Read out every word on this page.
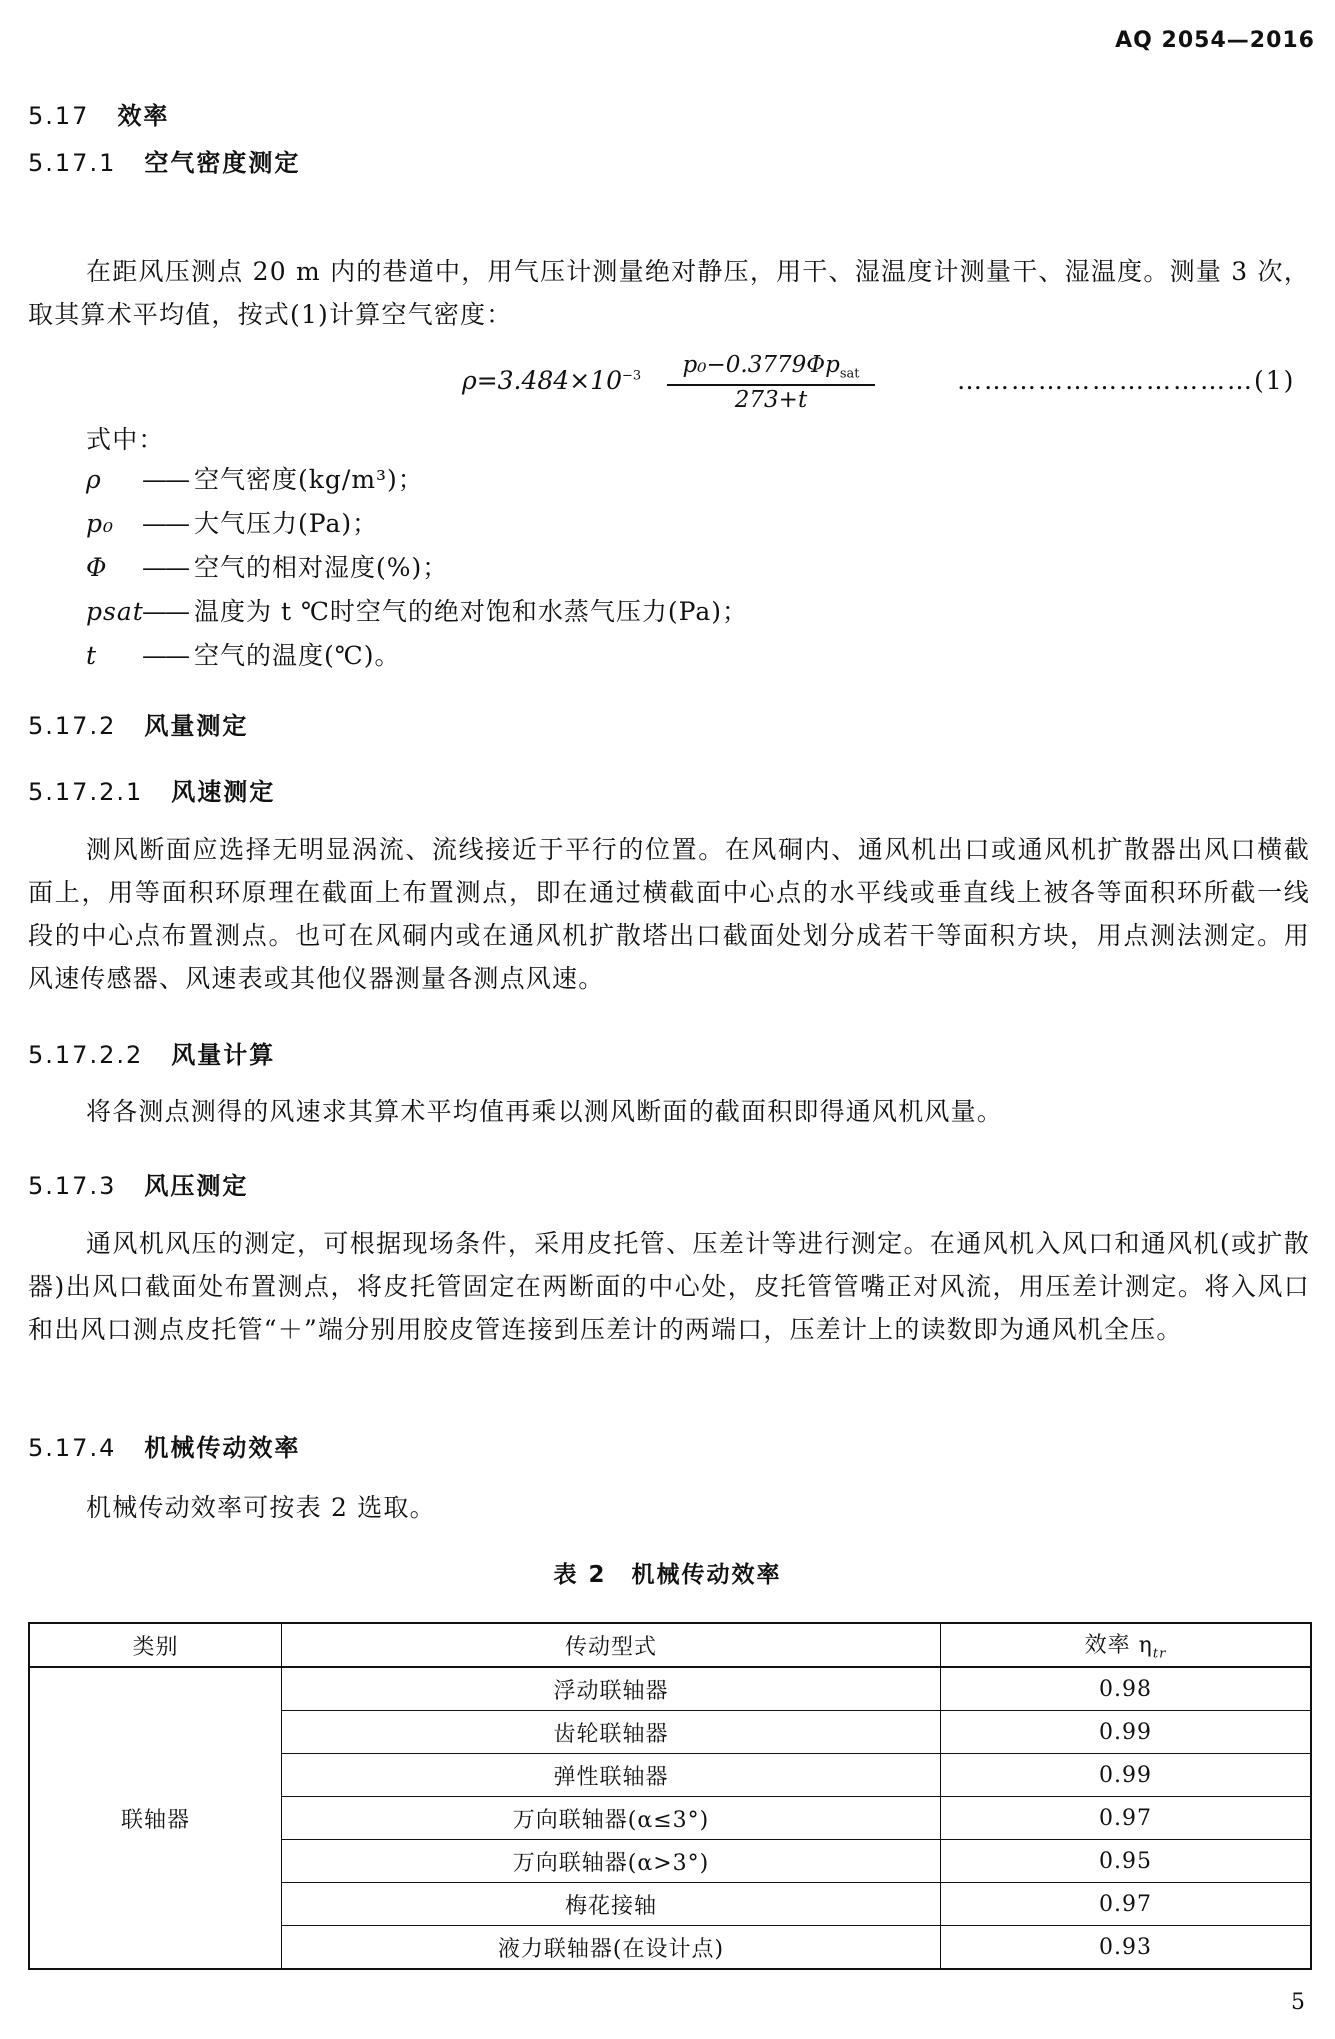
AQ 2054—2016
5.17 效率
5.17.1 空气密度测定
在距风压测点 20 m 内的巷道中，用气压计测量绝对静压，用干、湿温度计测量干、湿温度。测量 3 次，取其算术平均值，按式(1)计算空气密度：
$\rho=3.484\times 10^{-3}$	$p_0-0.3779\Phi p_{sat}$
273+t
……………………………(1)
式中：
ρ —— 空气密度(kg/m³)；
p₀ —— 大气压力(Pa)；
Φ —— 空气的相对湿度(%)；
psat—— 温度为 t ℃时空气的绝对饱和水蒸气压力(Pa)；
t —— 空气的温度(℃)。
5.17.2 风量测定
5.17.2.1 风速测定
测风断面应选择无明显涡流、流线接近于平行的位置。在风硐内、通风机出口或通风机扩散器出风口横截面上，用等面积环原理在截面上布置测点，即在通过横截面中心点的水平线或垂直线上被各等面积环所截一线段的中心点布置测点。也可在风硐内或在通风机扩散塔出口截面处划分成若干等面积方块，用点测法测定。用风速传感器、风速表或其他仪器测量各测点风速。
5.17.2.2 风量计算
将各测点测得的风速求其算术平均值再乘以测风断面的截面积即得通风机风量。
5.17.3 风压测定
通风机风压的测定，可根据现场条件，采用皮托管、压差计等进行测定。在通风机入风口和通风机(或扩散器)出风口截面处布置测点，将皮托管固定在两断面的中心处，皮托管管嘴正对风流，用压差计测定。将入风口和出风口测点皮托管“＋”端分别用胶皮管连接到压差计的两端口，压差计上的读数即为通风机全压。
5.17.4 机械传动效率
机械传动效率可按表 2 选取。
表 2　机械传动效率
类别	传动型式	效率 $\eta_{tr}$
联轴器	浮动联轴器	0.98
	齿轮联轴器	0.99
	弹性联轴器	0.99
	万向联轴器(α≤3°)	0.97
	万向联轴器(α>3°)	0.95
	梅花接轴	0.97
	液力联轴器(在设计点)	0.93
5
